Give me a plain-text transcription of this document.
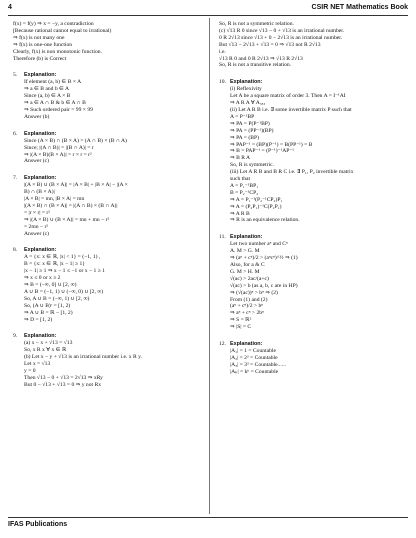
4	CSIR NET Mathematics Book
f(x) = f(y) ⇒ x = −y, a contradiction
[Because rational cannot equal to irrational)
⇒ f(x) is not many one
⇒ f(x) is one-one function
Clearly, f(x) is non monotonic function.
Therefore (b) is Correct
5. Explanation:
If element (a, b) ∈ B × A
⇒ a ∈ B and b ∈ A
Since (a, b) ∈ A × B
⇒ a ∈ A ∩ B & b ∈ A ∩ B
⇒ Such ordered pair = 99 × 99
Answer (b)
6. Explanation:
Since (A × B) ∩ (B × A) = (A ∩ B) × (B ∩ A)
Since; |(A ∩ B)| = |(B ∩ A)| = r
⇒ |(A × B)(B × A)| = r × r = r²
Answer (c)
7. Explanation:
|(A × B) ∪ (B × A)| = |A × B| + |B × A| − |(A ×
B) ∩ (B × A)|
|A × B| = mn, |B × A| = mn
|(A × B) ∩ (B × A)| = |(A ∩ B) × (B ∩ A)|
= |r × r| = r²
⇒ |(A × B) ∪ (B × A)| = mn + mn − r²
= 2mn − r²
Answer (c)
8. Explanation:
A = {x: x ∈ ℝ, |x| < 1} = (−1, 1) ,
B = {x: x ∈ ℝ, |x − 1| ≥ 1}
|x − 1| ≥ 1 ⇒ x − 1 ≤ −1 or x − 1 ≥ 1
⇒ x ≤ 0 or x ≥ 2
⇒ B = (−∞, 0] ∪ [2, ∞)
A ∪ B = (−1, 1) ∪ (−∞, 0) ∪ [2, ∞)
So, A ∪ B = (−∞, 1) ∪ [2, ∞)
So, (A ∪ B)ᶜ = [1, 2)
⇒ A ∪ B = ℝ − [1, 2)
⇒ D = [1, 2)
9. Explanation:
(a) x − x + √13 = √13
So, x R x ∀ x ∈ ℝ
(b) Let x − y + √13 is an irrational number i.e. x R y.
Let x = √13
y = 0
Then √13 − 0 + √13 = 2√13 ⇒ xRy
But 0 − √13 + √13 = 0 ⇒ y not Rx
So, R is not a symmetric relation.
(c) √13 R 0 since √13 − 0 + √13 is an irrational number.
0 R 2√13 since √13 + 0 − 2√13 is an irrational number.
But √13 − 2√13 + √13 = 0 ⇒ √13 not R 2√13
i.e.
√13 R 0 and 0 R 2√13 ⇒ √13 R 2√13
So, R is not a transitive relation.
10. Explanation:
(i) Reflexivity
Let A be a square matrix of order 3. Then A = I⁻¹AI
⇒ A R A ∀ A₃ₓ₃
(ii) Let A R B i.e. ∃ some invertible matrix P such that
A = P⁻¹BP
⇒ PA = P(P⁻¹BP)
⇒ PA = (PP⁻¹)(BP)
⇒ PA = (BP)
⇒ PAP⁻¹ = (BP)(P⁻¹) = B(PP⁻¹) = B
⇒ B = PAP⁻¹ = (P⁻¹)⁻¹AP⁻¹
⇒ B R A
So, R is symmetric.
(iii) Let A R B and B R C i.e. ∃ P₁, P₂ invertible matrix
such that
A = P₁⁻¹BP₁
B = P₂⁻¹CP₂
⇒ A = P₁⁻¹(P₂⁻¹CP₂)P₁
⇒ A = (P₂P₁)⁻¹C(P₂P₁)
⇒ A R B
⇒ R is an equivalence relation.
11. Explanation:
Let two number aⁿ and Cⁿ
A. M > G. M
⇒ (aⁿ + cⁿ)/2 > (aⁿcⁿ)^½ ⇒ (1)
Also, for a & C
G. M > H. M
√(ac) > 2ac/(a+c)
√(ac) > b (as a, b, c are in HP)
⇒ (√(ac))ⁿ > bⁿ ⇒ (2)
From (1) and (2)
(aⁿ + cⁿ)/2 > bⁿ
⇒ aⁿ + cⁿ > 2bⁿ
⇒ S = ℝ²
⇒ |S| = C
12. Explanation:
|A₁| = 1 = Countable
|A₂| = 2² = Countable
|A₃| = 3³ = Countable......
|Aₖ| = kᵏ = Countable
IFAS Publications
